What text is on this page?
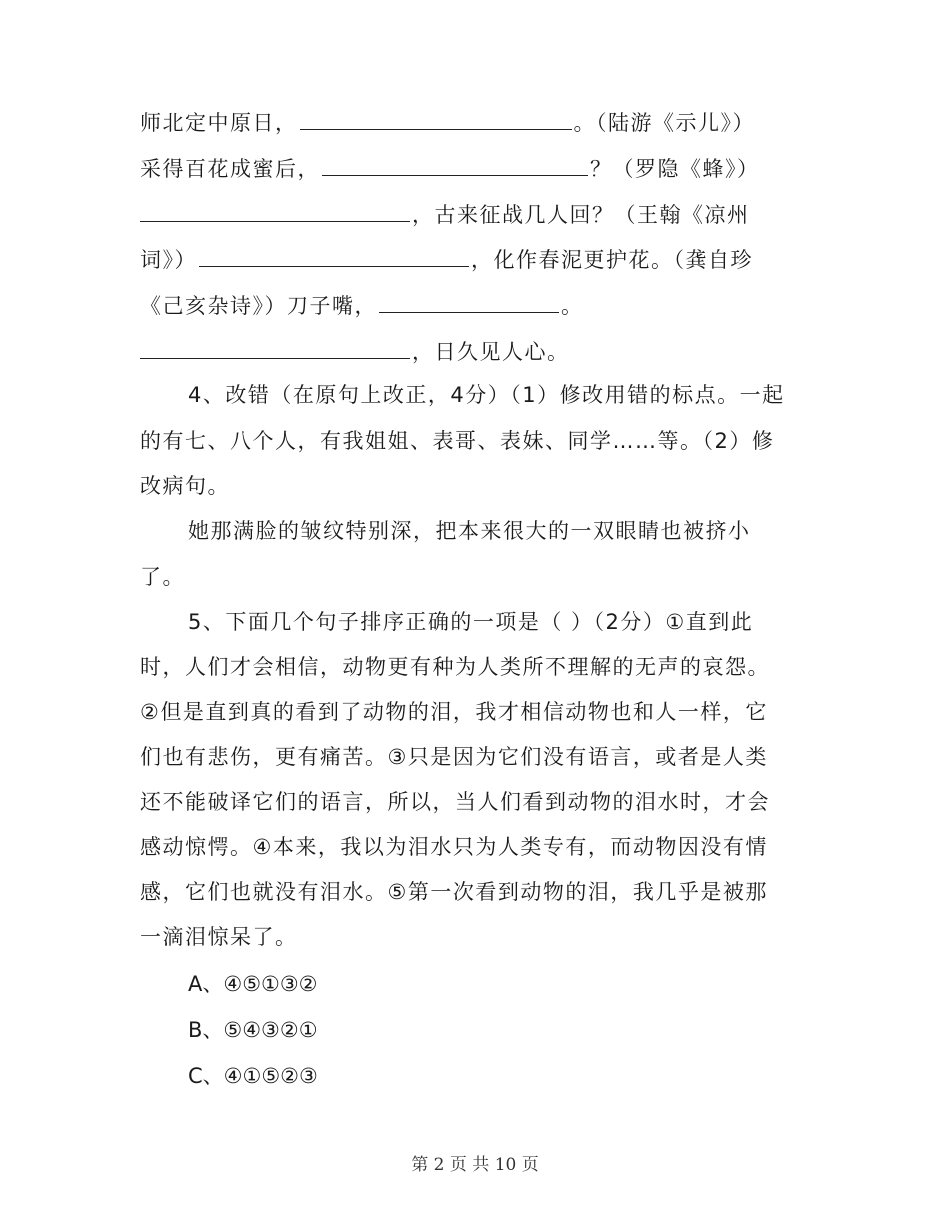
师北定中原日，	。（陆游《示儿》）
采得百花成蜜后，	？（罗隐《蜂》）
，古来征战几人回？（王翰《凉州
词》）	，化作春泥更护花。（龚自珍
《己亥杂诗》）刀子嘴，	。
，日久见人心。
4、改错（在原句上改正，4分）（1）修改用错的标点。一起
的有七、八个人，有我姐姐、表哥、表妹、同学……等。（2）修
改病句。
她那满脸的皱纹特别深，把本来很大的一双眼睛也被挤小
了。
5、下面几个句子排序正确的一项是（ ）（2分）①直到此
时，人们才会相信，动物更有种为人类所不理解的无声的哀怨。
②但是直到真的看到了动物的泪，我才相信动物也和人一样，它
们也有悲伤，更有痛苦。③只是因为它们没有语言，或者是人类
还不能破译它们的语言，所以，当人们看到动物的泪水时，才会
感动惊愕。④本来，我以为泪水只为人类专有，而动物因没有情
感，它们也就没有泪水。⑤第一次看到动物的泪，我几乎是被那
一滴泪惊呆了。
A、④⑤①③②
B、⑤④③②①
C、④①⑤②③
第 2 页 共 10 页
